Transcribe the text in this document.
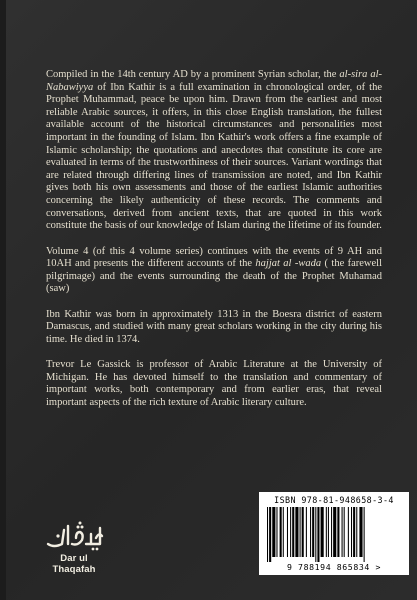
Compiled in the 14th century AD by a prominent Syrian scholar, the al-sira al-Nabawiyya of Ibn Kathir is a full examination in chronological order, of the Prophet Muhammad, peace be upon him. Drawn from the earliest and most reliable Arabic sources, it offers, in this close English translation, the fullest available account of the historical circumstances and personalities most important in the founding of Islam. Ibn Kathir's work offers a fine example of Islamic scholarship; the quotations and anecdotes that constitute its core are evaluated in terms of the trustworthiness of their sources. Variant wordings that are related through differing lines of transmission are noted, and Ibn Kathir gives both his own assessments and those of the earliest Islamic authorities concerning the likely authenticity of these records. The comments and conversations, derived from ancient texts, that are quoted in this work constitute the basis of our knowledge of Islam during the lifetime of its founder.

Volume 4 (of this 4 volume series) continues with the events of 9 AH and 10AH and presents the different accounts of the hajjat al -wada ( the farewell pilgrimage) and the events surrounding the death of the Prophet Muhamad (saw)

Ibn Kathir was born in approximately 1313 in the Boesra district of eastern Damascus, and studied with many great scholars working in the city during his time. He died in 1374.

Trevor Le Gassick is professor of Arabic Literature at the University of Michigan. He has devoted himself to the translation and commentary of important works, both contemporary and from earlier eras, that reveal important aspects of the rich texture of Arabic literary culture.

Dar ul Thaqafah
ISBN 978-81-948658-3-4
9 788194 865834 >
